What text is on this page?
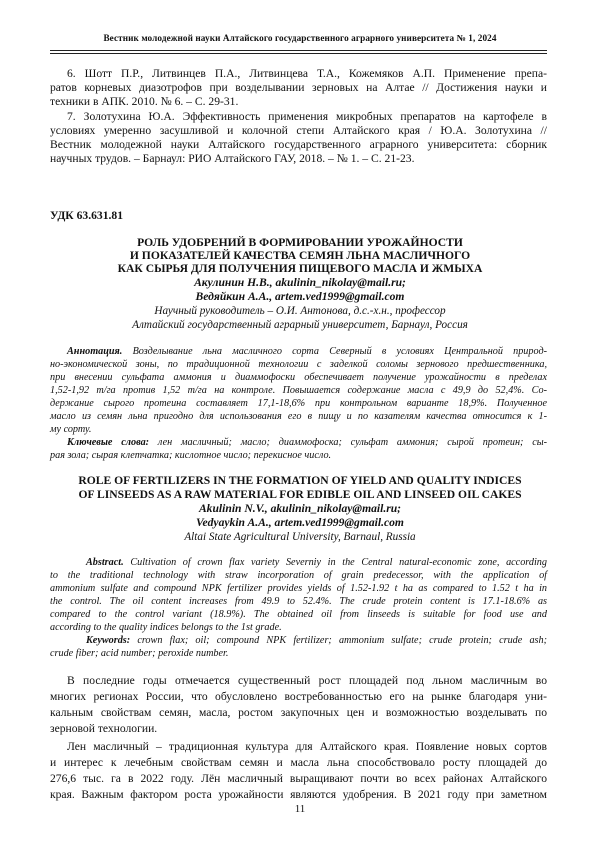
Вестник молодежной науки Алтайского государственного аграрного университета № 1, 2024
6. Шотт П.Р., Литвинцев П.А., Литвинцева Т.А., Кожемяков А.П. Применение препа-
ратов корневых диазотрофов при возделывании зерновых на Алтае // Достижения науки и
техники в АПК. 2010. № 6. – С. 29-31.
7. Золотухина Ю.А. Эффективность применения микробных препаратов на картофеле в
условиях умеренно засушливой и колочной степи Алтайского края / Ю.А. Золотухина //
Вестник молодежной науки Алтайского государственного аграрного университета: сборник
научных трудов. – Барнаул: РИО Алтайского ГАУ, 2018. – № 1. – С. 21-23.
УДК 63.631.81
РОЛЬ УДОБРЕНИЙ В ФОРМИРОВАНИИ УРОЖАЙНОСТИ
И ПОКАЗАТЕЛЕЙ КАЧЕСТВА СЕМЯН ЛЬНА МАСЛИЧНОГО
КАК СЫРЬЯ ДЛЯ ПОЛУЧЕНИЯ ПИЩЕВОГО МАСЛА И ЖМЫХА
Акулинин Н.В., akulinin_nikolay@mail.ru;
Ведяйкин А.А., artem.ved1999@gmail.com
Научный руководитель – О.И. Антонова, д.с.-х.н., профессор
Алтайский государственный аграрный университет, Барнаул, Россия
Аннотация. Возделывание льна масличного сорта Северный в условиях Центральной природ-
но-экономической зоны, по традиционной технологии с заделкой соломы зернового предшественника,
при внесении сульфата аммония и диаммофоски обеспечивает получение урожайности в пределах
1,52-1,92 т/га против 1,52 т/га на контроле. Повышается содержание масла с 49,9 до 52,4%. Со-
держание сырого протеина составляет 17,1-18,6% при контрольном варианте 18,9%. Полученное
масло из семян льна пригодно для использования его в пищу и по казателям качества относится к 1-
му сорту.
Ключевые слова: лен масличный; масло; диаммофоска; сульфат аммония; сырой протеин; сы-
рая зола; сырая клетчатка; кислотное число; перекисное число.
ROLE OF FERTILIZERS IN THE FORMATION OF YIELD AND QUALITY INDICES
OF LINSEEDS AS A RAW MATERIAL FOR EDIBLE OIL AND LINSEED OIL CAKES
Akulinin N.V., akulinin_nikolay@mail.ru;
Vedyaykin A.A., artem.ved1999@gmail.com
Altai State Agricultural University, Barnaul, Russia
Abstract. Cultivation of crown flax variety Severniy in the Central natural-economic zone, according
to the traditional technology with straw incorporation of grain predecessor, with the application of
ammonium sulfate and compound NPK fertilizer provides yields of 1.52-1.92 t ha as compared to 1.52 t ha in
the control. The oil content increases from 49.9 to 52.4%. The crude protein content is 17.1-18.6% as
compared to the control variant (18.9%). The obtained oil from linseeds is suitable for food use and
according to the quality indices belongs to the 1st grade.
Keywords: crown flax; oil; compound NPK fertilizer; ammonium sulfate; crude protein; crude ash;
crude fiber; acid number; peroxide number.
В последние годы отмечается существенный рост площадей под льном масличным во
многих регионах России, что обусловлено востребованностью его на рынке благодаря уни-
кальным свойствам семян, масла, ростом закупочных цен и возможностью возделывать по
зерновой технологии.
Лен масличный – традиционная культура для Алтайского края. Появление новых сортов
и интерес к лечебным свойствам семян и масла льна способствовало росту площадей до
276,6 тыс. га в 2022 году. Лён масличный выращивают почти во всех районах Алтайского
края. Важным фактором роста урожайности являются удобрения. В 2021 году при заметном
11
